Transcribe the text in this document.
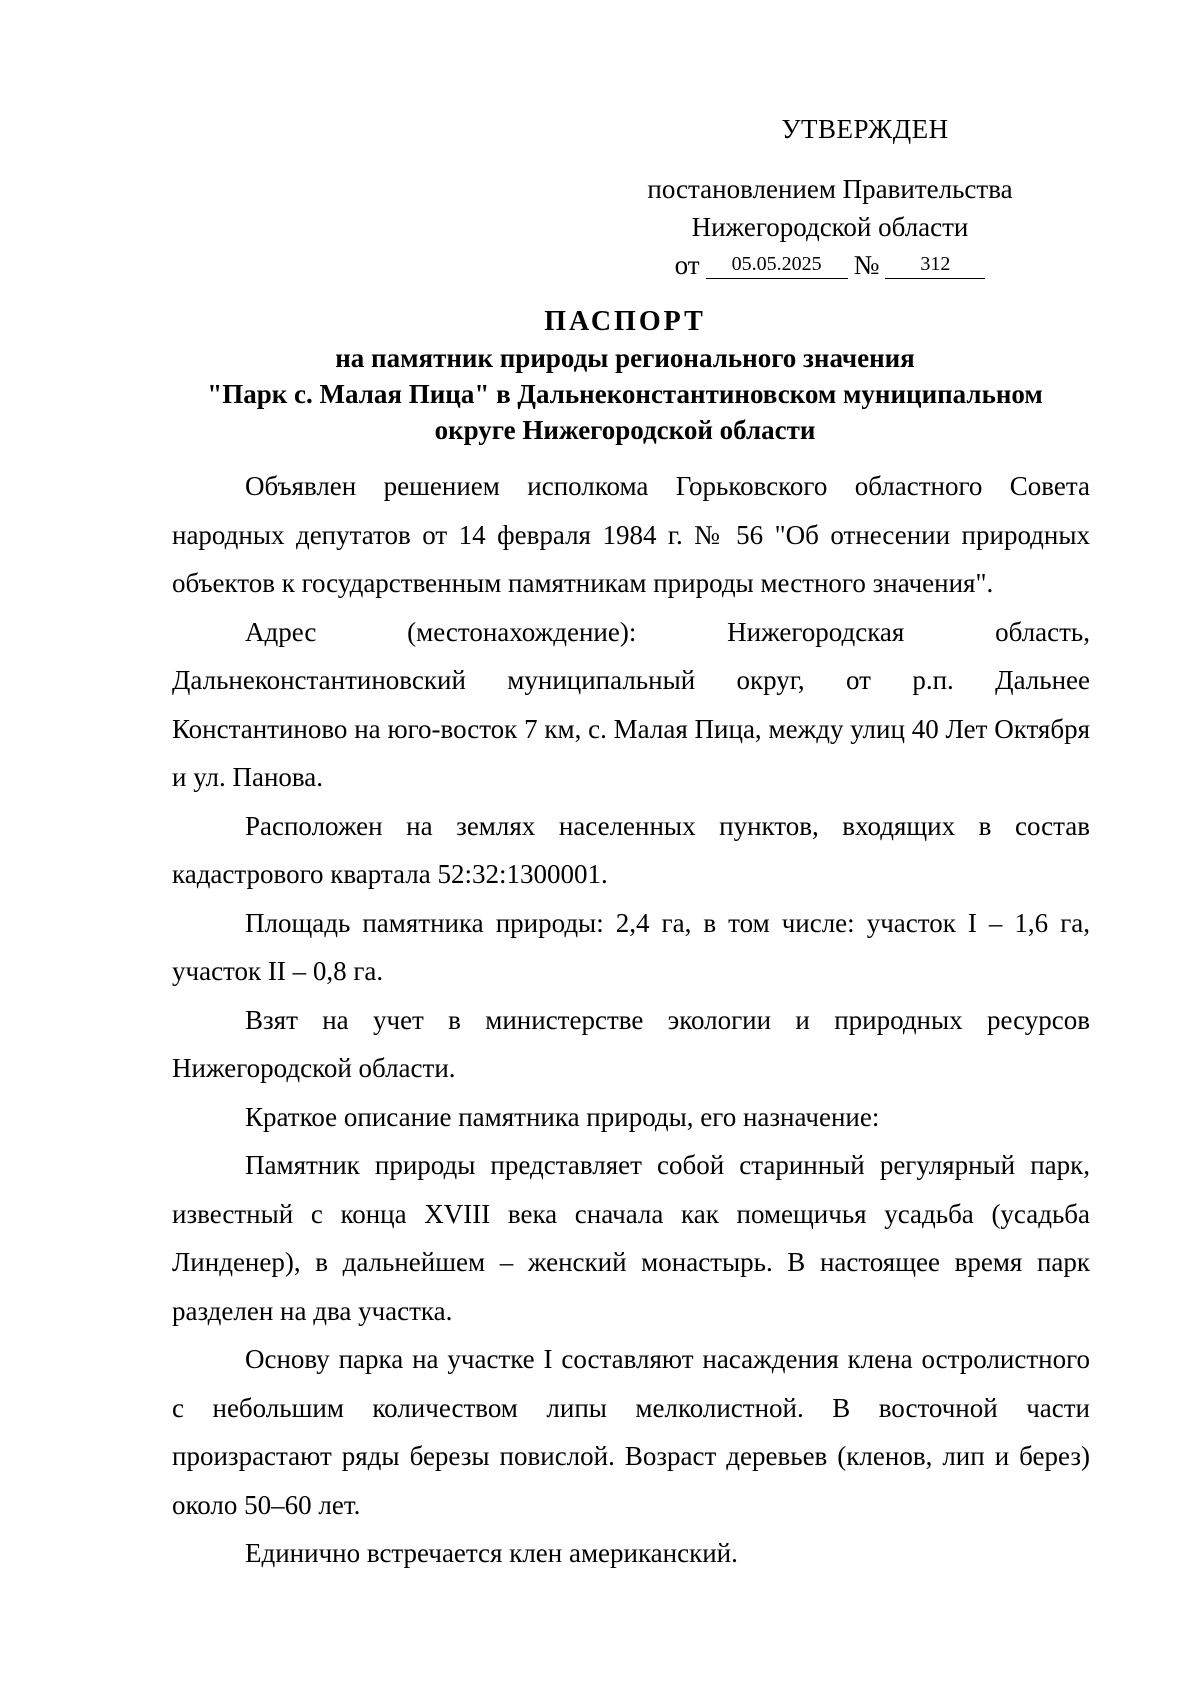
УТВЕРЖДЕН
постановлением Правительства
Нижегородской области
от 05.05.2025 № 312
ПАСПОРТ
на памятник природы регионального значения
"Парк с. Малая Пица" в Дальнеконстантиновском муниципальном
округе Нижегородской области

Объявлен решением исполкома Горьковского областного Совета народных депутатов от 14 февраля 1984 г. № 56 "Об отнесении природных объектов к государственным памятникам природы местного значения".

Адрес (местонахождение): Нижегородская область, Дальнеконстантиновский муниципальный округ, от р.п. Дальнее Константиново на юго-восток 7 км, с. Малая Пица, между улиц 40 Лет Октября и ул. Панова.

Расположен на землях населенных пунктов, входящих в состав кадастрового квартала 52:32:1300001.

Площадь памятника природы: 2,4 га, в том числе: участок I – 1,6 га, участок II – 0,8 га.

Взят на учет в министерстве экологии и природных ресурсов Нижегородской области.

Краткое описание памятника природы, его назначение:

Памятник природы представляет собой старинный регулярный парк, известный с конца XVIII века сначала как помещичья усадьба (усадьба Линденер), в дальнейшем – женский монастырь. В настоящее время парк разделен на два участка.

Основу парка на участке I составляют насаждения клена остролистного с небольшим количеством липы мелколистной. В восточной части произрастают ряды березы повислой. Возраст деревьев (кленов, лип и берез) около 50–60 лет.

Единично встречается клен американский.
